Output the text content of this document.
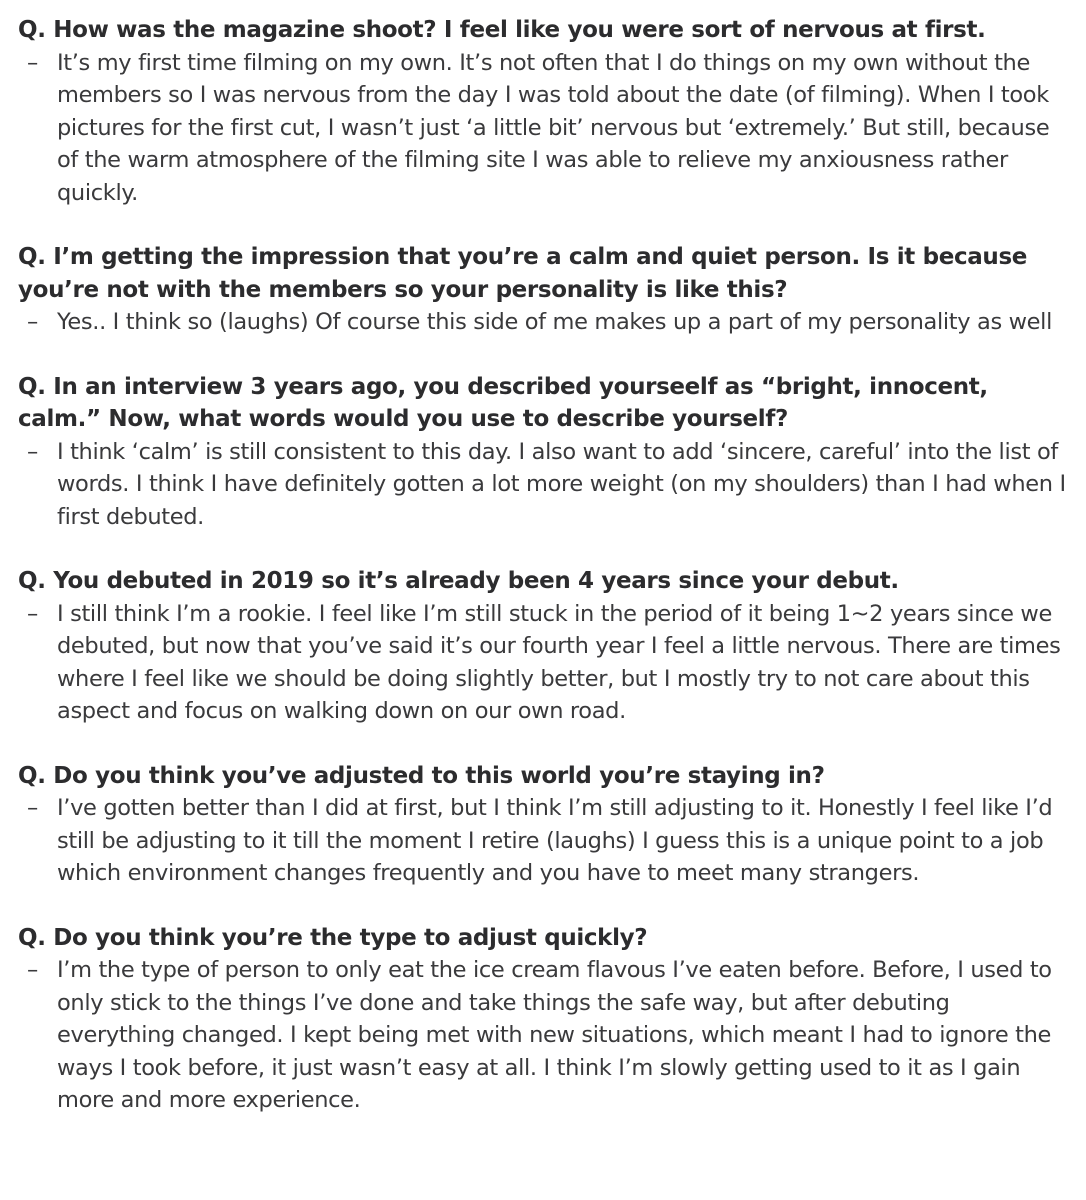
Q. How was the magazine shoot? I feel like you were sort of nervous at first.

– It’s my first time filming on my own. It’s not often that I do things on my own without the members so I was nervous from the day I was told about the date (of filming). When I took pictures for the first cut, I wasn’t just ‘a little bit’ nervous but ‘extremely.’ But still, because of the warm atmosphere of the filming site I was able to relieve my anxiousness rather quickly.

Q. I’m getting the impression that you’re a calm and quiet person. Is it because you’re not with the members so your personality is like this?

– Yes.. I think so (laughs) Of course this side of me makes up a part of my personality as well

Q. In an interview 3 years ago, you described yourseelf as “bright, innocent, calm.” Now, what words would you use to describe yourself?

– I think ‘calm’ is still consistent to this day. I also want to add ‘sincere, careful’ into the list of words. I think I have definitely gotten a lot more weight (on my shoulders) than I had when I first debuted.

Q. You debuted in 2019 so it’s already been 4 years since your debut.

– I still think I’m a rookie. I feel like I’m still stuck in the period of it being 1~2 years since we debuted, but now that you’ve said it’s our fourth year I feel a little nervous. There are times where I feel like we should be doing slightly better, but I mostly try to not care about this aspect and focus on walking down on our own road.

Q. Do you think you’ve adjusted to this world you’re staying in?

– I’ve gotten better than I did at first, but I think I’m still adjusting to it. Honestly I feel like I’d still be adjusting to it till the moment I retire (laughs) I guess this is a unique point to a job which environment changes frequently and you have to meet many strangers.

Q. Do you think you’re the type to adjust quickly?

– I’m the type of person to only eat the ice cream flavous I’ve eaten before. Before, I used to only stick to the things I’ve done and take things the safe way, but after debuting everything changed. I kept being met with new situations, which meant I had to ignore the ways I took before, it just wasn’t easy at all. I think I’m slowly getting used to it as I gain more and more experience.
